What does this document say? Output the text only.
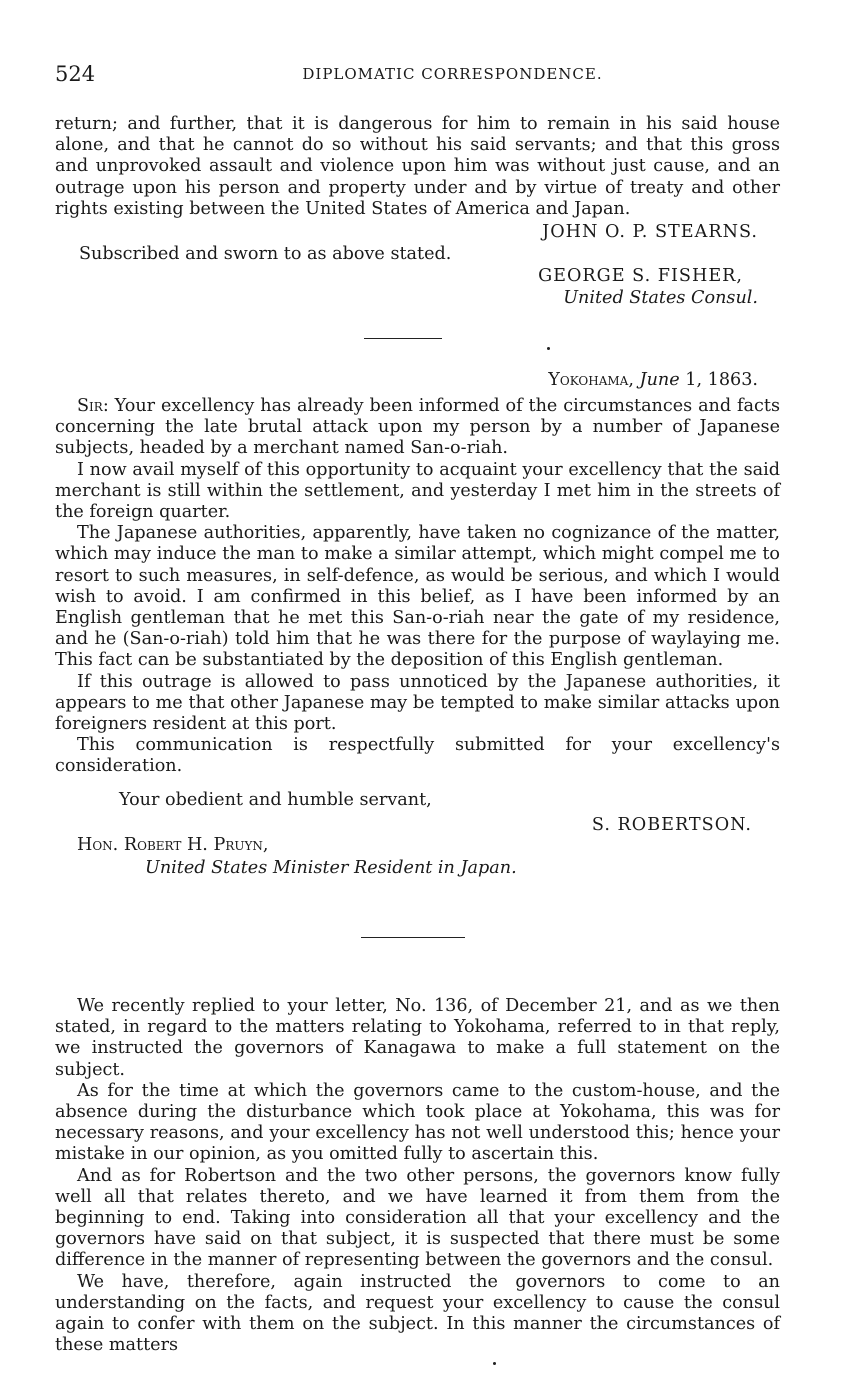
524	DIPLOMATIC CORRESPONDENCE.

return; and further, that it is dangerous for him to remain in his said house alone, and that he cannot do so without his said servants; and that this gross and unprovoked assault and violence upon him was without just cause, and an outrage upon his person and property under and by virtue of treaty and other rights existing between the United States of America and Japan.

JOHN O. P. STEARNS.
Subscribed and sworn to as above stated.
GEORGE S. FISHER,
United States Consul.
Yokohama, June 1, 1863.

Sir: Your excellency has already been informed of the circumstances and facts concerning the late brutal attack upon my person by a number of Japanese subjects, headed by a merchant named San-o-riah.

I now avail myself of this opportunity to acquaint your excellency that the said merchant is still within the settlement, and yesterday I met him in the streets of the foreign quarter.

The Japanese authorities, apparently, have taken no cognizance of the matter, which may induce the man to make a similar attempt, which might compel me to resort to such measures, in self-defence, as would be serious, and which I would wish to avoid. I am confirmed in this belief, as I have been informed by an English gentleman that he met this San-o-riah near the gate of my residence, and he (San-o-riah) told him that he was there for the purpose of waylaying me. This fact can be substantiated by the deposition of this English gentleman.

If this outrage is allowed to pass unnoticed by the Japanese authorities, it appears to me that other Japanese may be tempted to make similar attacks upon foreigners resident at this port.

This communication is respectfully submitted for your excellency's consideration.

Your obedient and humble servant,
S. ROBERTSON.
Hon. Robert H. Pruyn,
United States Minister Resident in Japan.

We recently replied to your letter, No. 136, of December 21, and as we then stated, in regard to the matters relating to Yokohama, referred to in that reply, we instructed the governors of Kanagawa to make a full statement on the subject.

As for the time at which the governors came to the custom-house, and the absence during the disturbance which took place at Yokohama, this was for necessary reasons, and your excellency has not well understood this; hence your mistake in our opinion, as you omitted fully to ascertain this.

And as for Robertson and the two other persons, the governors know fully well all that relates thereto, and we have learned it from them from the beginning to end. Taking into consideration all that your excellency and the governors have said on that subject, it is suspected that there must be some difference in the manner of representing between the governors and the consul.

We have, therefore, again instructed the governors to come to an understanding on the facts, and request your excellency to cause the consul again to confer with them on the subject. In this manner the circumstances of these matters
